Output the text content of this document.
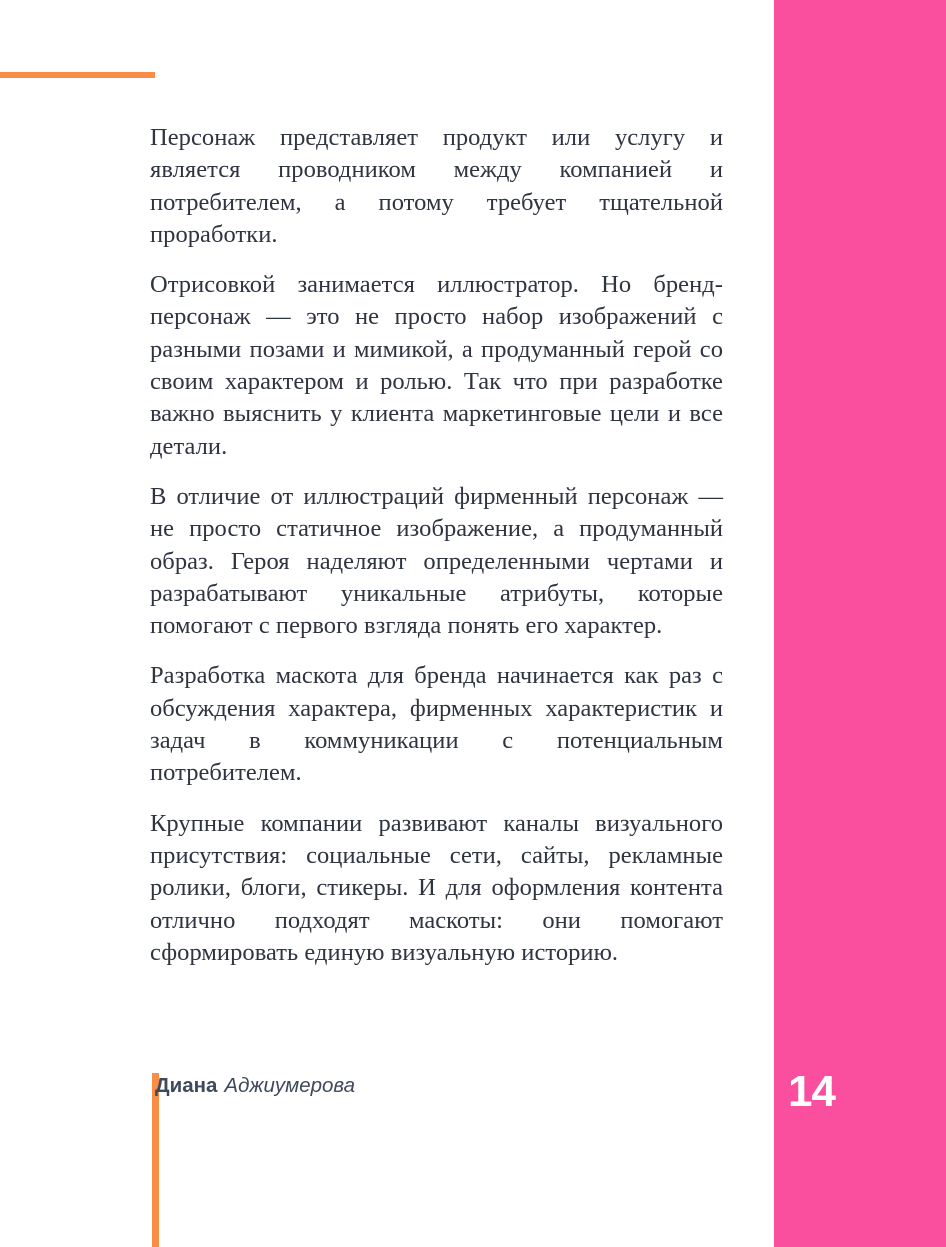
Персонаж представляет продукт или услугу и является проводником между компанией и потребителем, а потому требует тщательной проработки.

Отрисовкой занимается иллюстратор. Но бренд-персонаж — это не просто набор изображений с разными позами и мимикой, а продуманный герой со своим характером и ролью. Так что при разработке важно выяснить у клиента маркетинговые цели и все детали.

В отличие от иллюстраций фирменный персонаж — не просто статичное изображение, а продуманный образ. Героя наделяют определенными чертами и разрабатывают уникальные атрибуты, которые помогают с первого взгляда понять его характер.

Разработка маскота для бренда начинается как раз с обсуждения характера, фирменных характеристик и задач в коммуникации с потенциальным потребителем.

Крупные компании развивают каналы визуального присутствия: социальные сети, сайты, рекламные ролики, блоги, стикеры. И для оформления контента отлично подходят маскоты: они помогают сформировать единую визуальную историю.

Диана Аджиумерова	14
